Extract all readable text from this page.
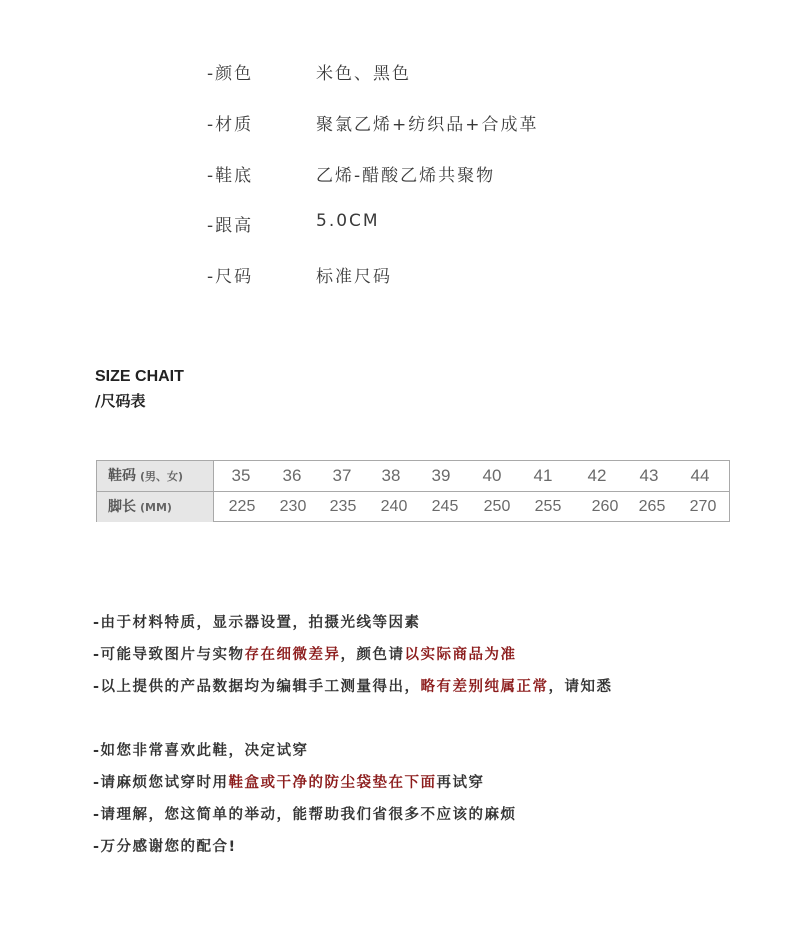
-颜色	米色、黑色
-材质	聚氯乙烯+纺织品+合成革
-鞋底	乙烯-醋酸乙烯共聚物
-跟高	5.0CM
-尺码	标准尺码
SIZE CHAIT
/尺码表
鞋码 (男、女)	35 36 37 38 39 40 41 42 43 44
脚长 (MM)	225 230 235 240 245 250 255 260 265 270
-由于材料特质，显示器设置，拍摄光线等因素
-可能导致图片与实物存在细微差异，颜色请以实际商品为准
-以上提供的产品数据均为编辑手工测量得出，略有差别纯属正常，请知悉
-如您非常喜欢此鞋，决定试穿
-请麻烦您试穿时用鞋盒或干净的防尘袋垫在下面再试穿
-请理解，您这简单的举动，能帮助我们省很多不应该的麻烦
-万分感谢您的配合!
